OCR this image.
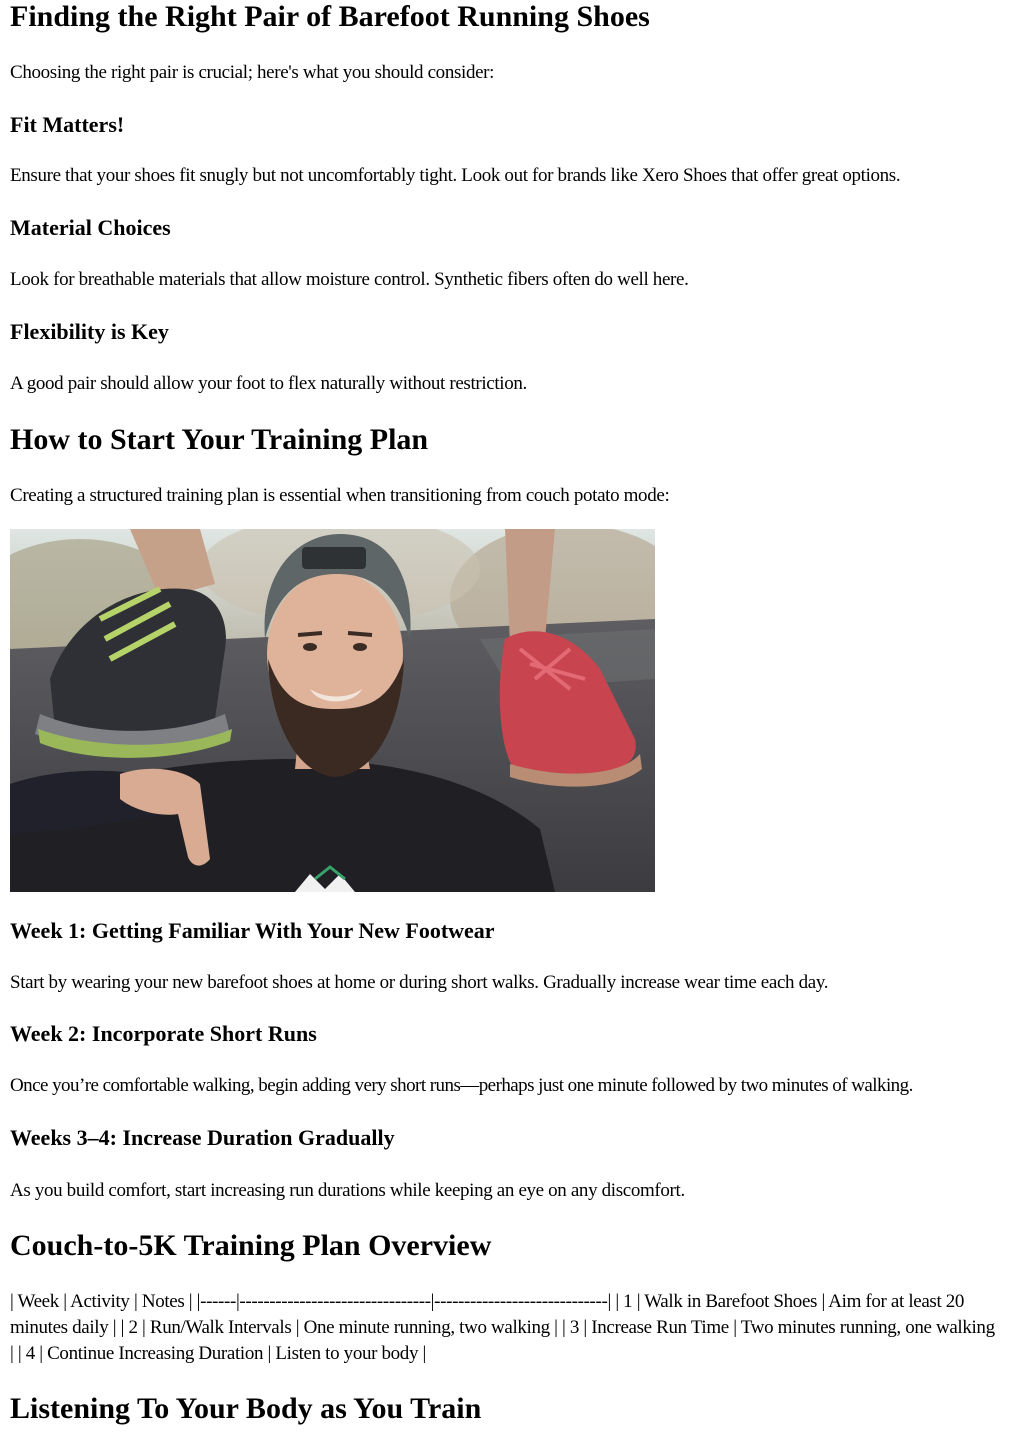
Finding the Right Pair of Barefoot Running Shoes

Choosing the right pair is crucial; here's what you should consider:

Fit Matters!

Ensure that your shoes fit snugly but not uncomfortably tight. Look out for brands like Xero Shoes that offer great options.

Material Choices

Look for breathable materials that allow moisture control. Synthetic fibers often do well here.

Flexibility is Key

A good pair should allow your foot to flex naturally without restriction.

How to Start Your Training Plan

Creating a structured training plan is essential when transitioning from couch potato mode:

Week 1: Getting Familiar With Your New Footwear

Start by wearing your new barefoot shoes at home or during short walks. Gradually increase wear time each day.

Week 2: Incorporate Short Runs

Once you’re comfortable walking, begin adding very short runs—perhaps just one minute followed by two minutes of walking.

Weeks 3–4: Increase Duration Gradually

As you build comfort, start increasing run durations while keeping an eye on any discomfort.

Couch-to-5K Training Plan Overview

| Week | Activity | Notes | |------|--------------------------------|-----------------------------| | 1 | Walk in Barefoot Shoes | Aim for at least 20 minutes daily | | 2 | Run/Walk Intervals | One minute running, two walking | | 3 | Increase Run Time | Two minutes running, one walking | | 4 | Continue Increasing Duration | Listen to your body |

Listening To Your Body as You Train
